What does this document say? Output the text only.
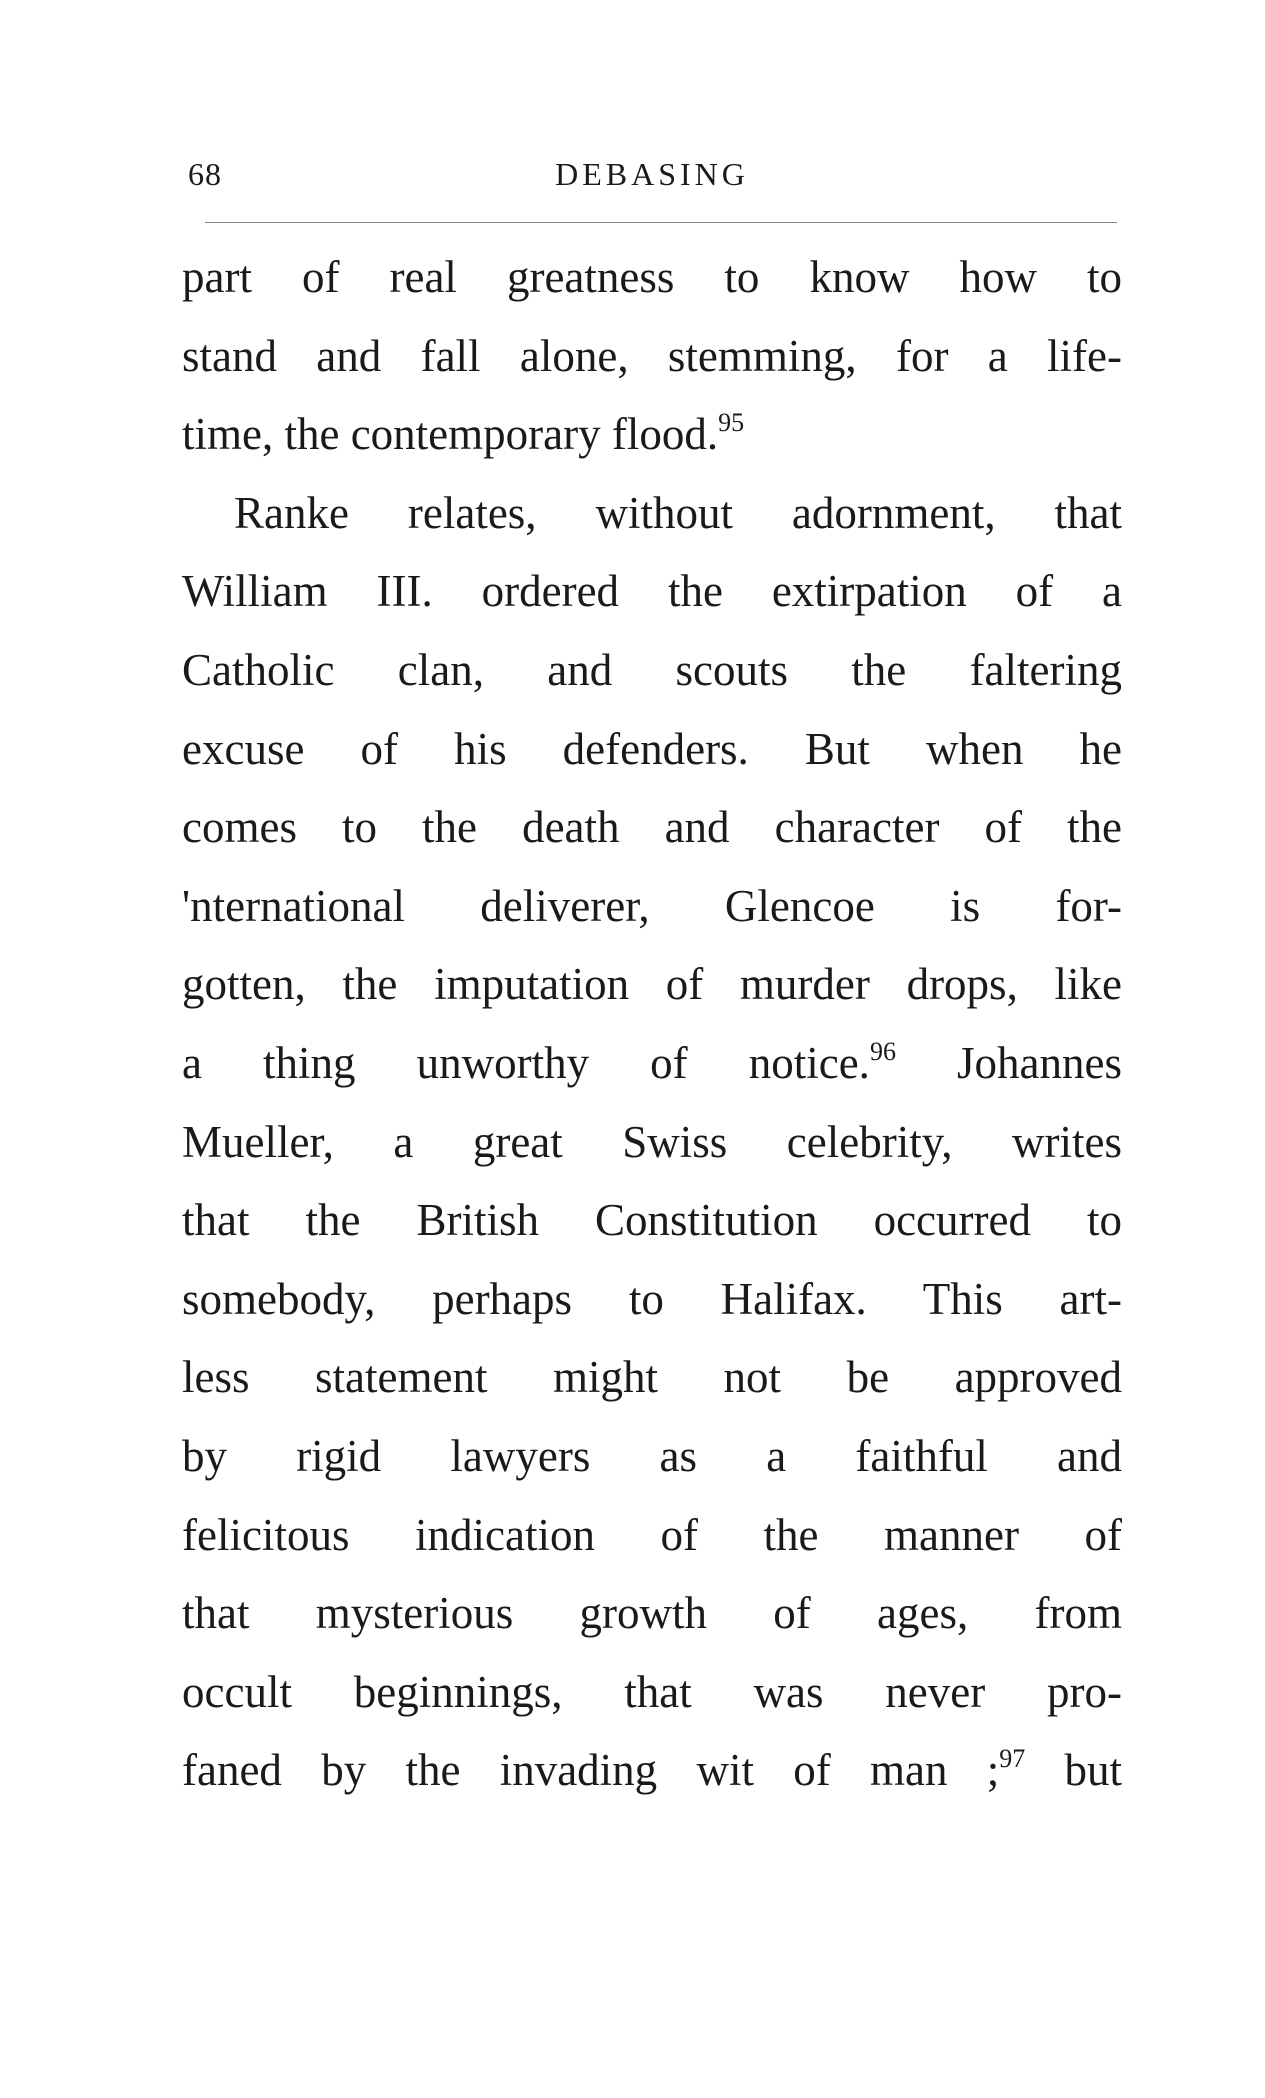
68	DEBASING
part of real greatness to know how to
stand and fall alone, stemming, for a life-
time, the contemporary flood.$^{95}$
Ranke relates, without adornment, that
William III. ordered the extirpation of a
Catholic clan, and scouts the faltering
excuse of his defenders. But when he
comes to the death and character of the
'nternational deliverer, Glencoe is for-
gotten, the imputation of murder drops, like
a thing unworthy of notice.$^{96}$ Johannes
Mueller, a great Swiss celebrity, writes
that the British Constitution occurred to
somebody, perhaps to Halifax. This art-
less statement might not be approved
by rigid lawyers as a faithful and
felicitous indication of the manner of
that mysterious growth of ages, from
occult beginnings, that was never pro-
faned by the invading wit of man ;$^{97}$ but
